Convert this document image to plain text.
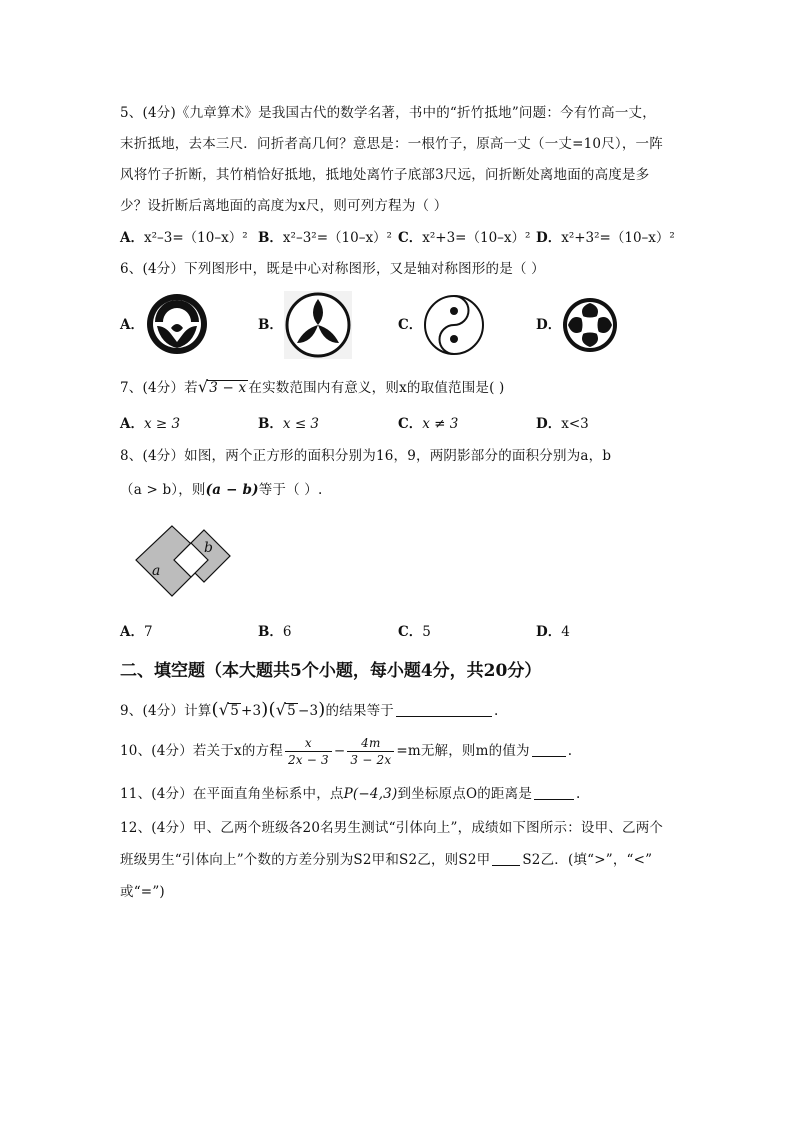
5、(4分)《九章算术》是我国古代的数学名著，书中的“折竹抵地”问题：今有竹高一丈，
末折抵地，去本三尺．问折者高几何？意思是：一根竹子，原高一丈（一丈=10尺），一阵
风将竹子折断，其竹梢恰好抵地，抵地处离竹子底部3尺远，问折断处离地面的高度是多
少？设折断后离地面的高度为x尺，则可列方程为（ ）
A．x²–3=（10–x）² B．x²–3²=（10–x）² C．x²+3=（10–x）² D．x²+3²=（10–x）²
6、(4分）下列图形中，既是中心对称图形，又是轴对称图形的是（ ）
A．	B．	C．	D．
7、(4分）若√3 − x 在实数范围内有意义，则x的取值范围是( )
A．x ≥ 3	B．x ≤ 3	C．x ≠ 3	D．x<3
8、(4分）如图，两个正方形的面积分别为16，9，两阴影部分的面积分别为a，b
（a > b），则(a − b)等于（ ）.
a
b
A．7	B．6	C．5	D．4
二、填空题（本大题共5个小题，每小题4分，共20分）
9、(4分）计算(√5 +3)(√5 −3)的结果等于	.
10、(4分）若关于x的方程 $\frac{x}{2x - 3} - \frac{4m}{3 - 2x} =m$无解，则m的值为	.
11、(4分）在平面直角坐标系中，点P(−4,3)到坐标原点O的距离是	.
12、(4分）甲、乙两个班级各20名男生测试“引体向上”，成绩如下图所示：设甲、乙两个
班级男生“引体向上”个数的方差分别为S2甲和S2乙，则S2甲 S2乙．(填“>”，“<”
或“=”)
